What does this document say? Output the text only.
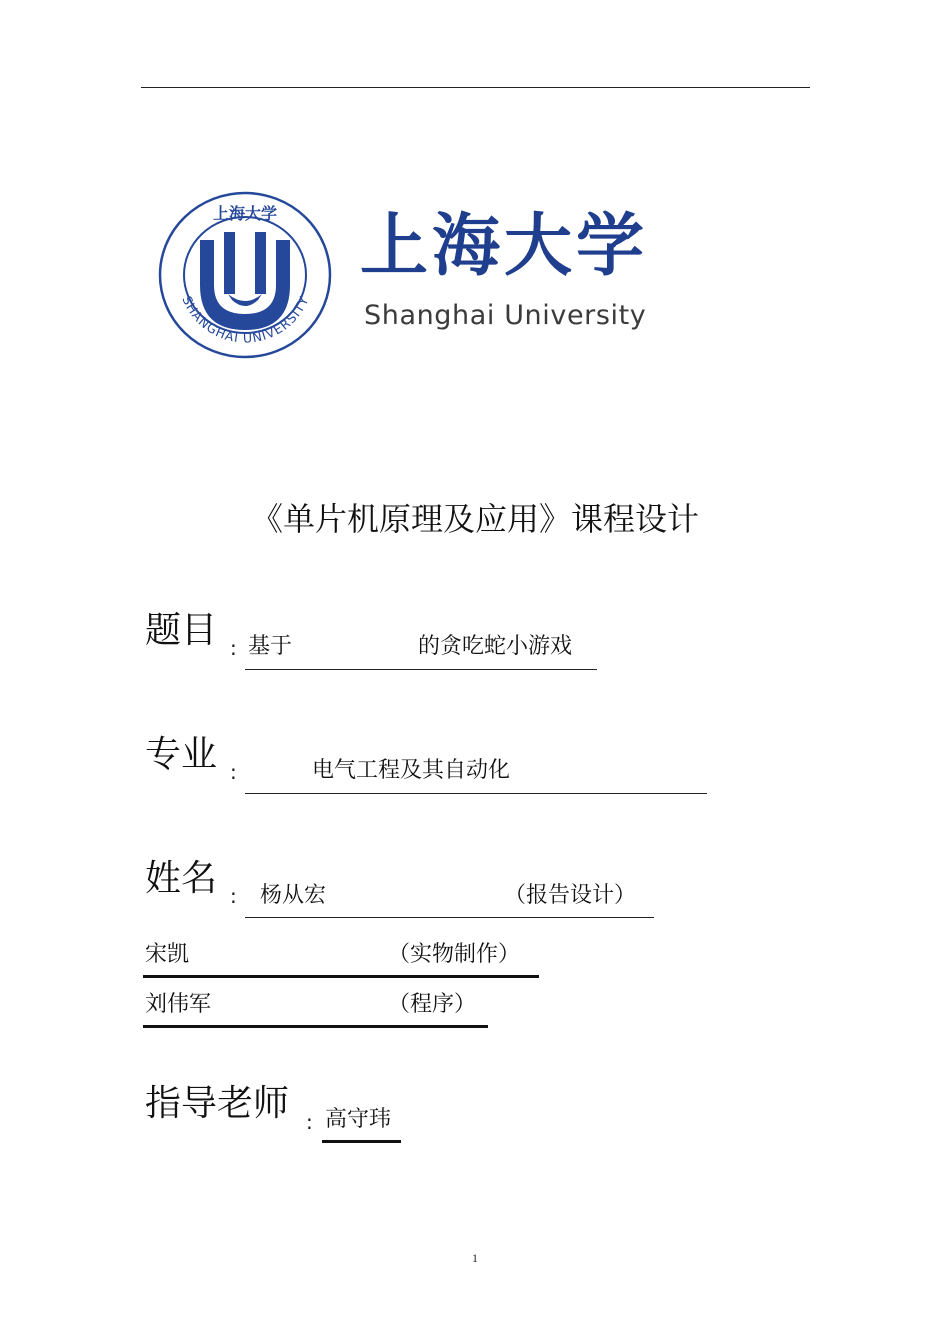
上海大学
SHANGHAI UNIVERSITY
上海大学
Shanghai University
《单片机原理及应用》课程设计
题目 : 基于	的贪吃蛇小游戏
专业 :	电气工程及其自动化
姓名 : 杨从宏	（报告设计）
宋凯	（实物制作）
刘伟军	（程序）
指导老师 : 高守玮
1
